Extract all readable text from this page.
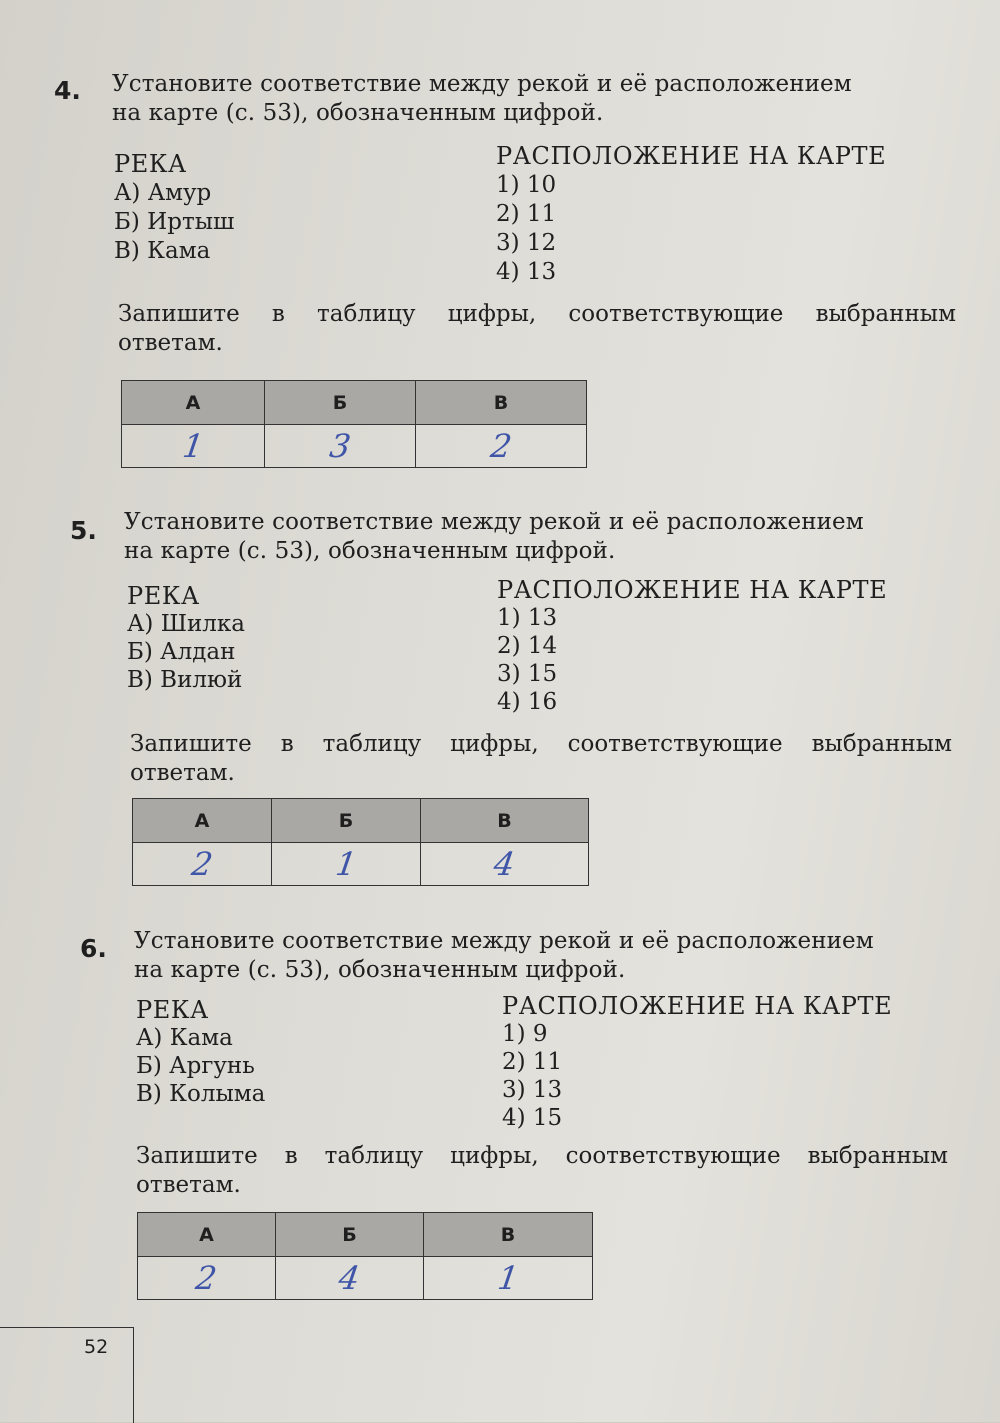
4. Установите соответствие между рекой и её расположением
на карте (с. 53), обозначенным цифрой.
РЕКА
А) Амур
Б) Иртыш
В) Кама
РАСПОЛОЖЕНИЕ НА КАРТЕ
1) 10
2) 11
3) 12
4) 13
Запишите в таблицу цифры, соответствующие выбранным
ответам.
А	Б	В
1	3	2
5. Установите соответствие между рекой и её расположением
на карте (с. 53), обозначенным цифрой.
РЕКА
А) Шилка
Б) Алдан
В) Вилюй
РАСПОЛОЖЕНИЕ НА КАРТЕ
1) 13
2) 14
3) 15
4) 16
Запишите в таблицу цифры, соответствующие выбранным
ответам.
А	Б	В
2	1	4
6. Установите соответствие между рекой и её расположением
на карте (с. 53), обозначенным цифрой.
РЕКА
А) Кама
Б) Аргунь
В) Колыма
РАСПОЛОЖЕНИЕ НА КАРТЕ
1) 9
2) 11
3) 13
4) 15
Запишите в таблицу цифры, соответствующие выбранным
ответам.
А	Б	В
2	4	1
52
